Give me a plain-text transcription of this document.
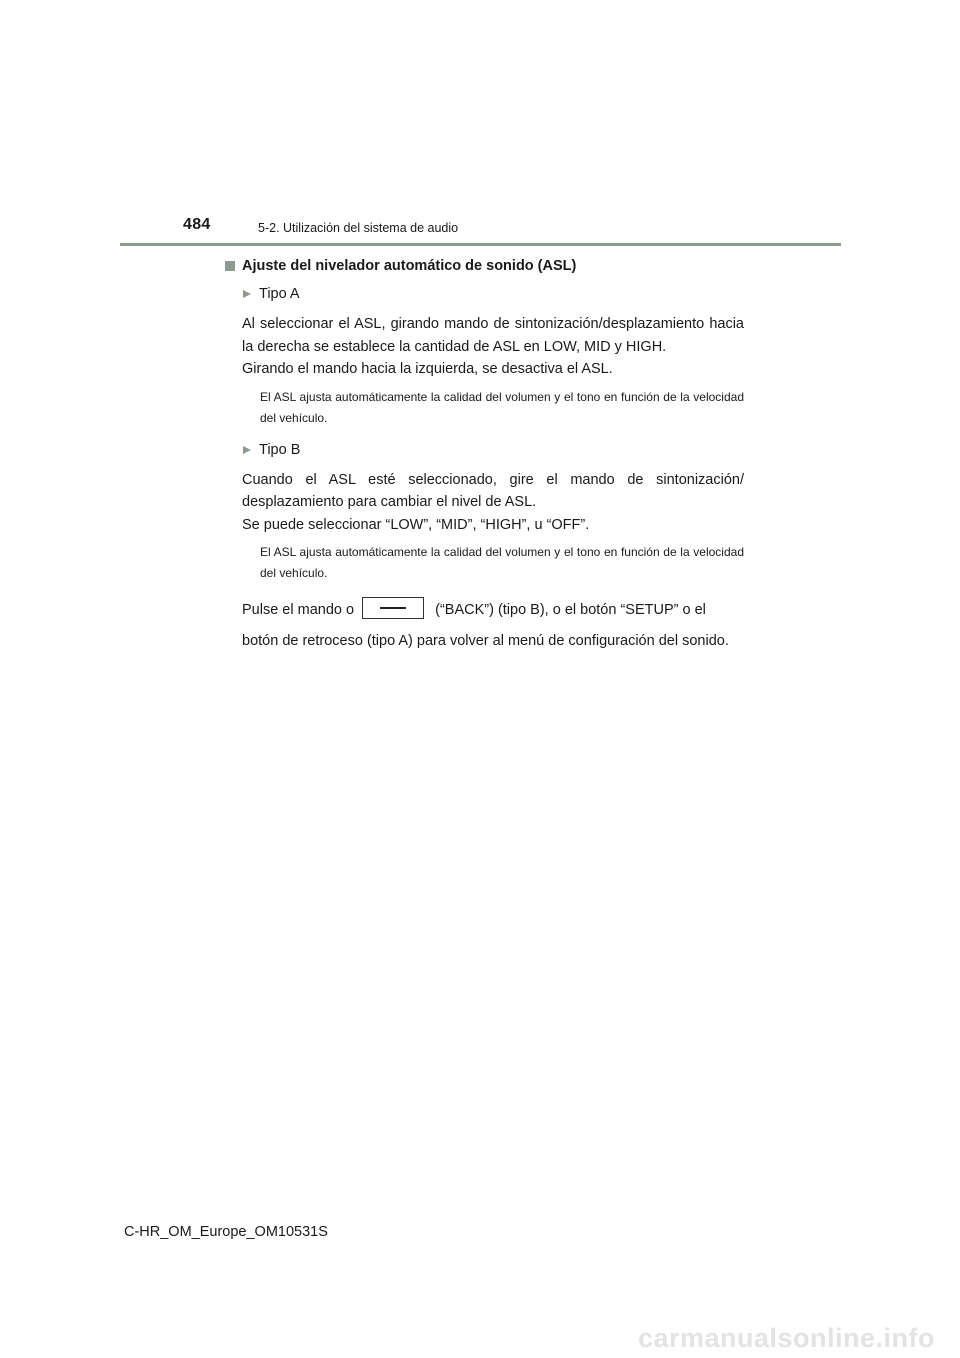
484	5-2. Utilización del sistema de audio
Ajuste del nivelador automático de sonido (ASL)
Tipo A
Al seleccionar el ASL, girando mando de sintonización/desplazamiento hacia la derecha se establece la cantidad de ASL en LOW, MID y HIGH.
Girando el mando hacia la izquierda, se desactiva el ASL.
El ASL ajusta automáticamente la calidad del volumen y el tono en función de la velocidad del vehículo.
Tipo B
Cuando el ASL esté seleccionado, gire el mando de sintonización/ desplazamiento para cambiar el nivel de ASL.
Se puede seleccionar “LOW”, “MID”, “HIGH”, u “OFF”.
El ASL ajusta automáticamente la calidad del volumen y el tono en función de la velocidad del vehículo.
Pulse el mando o	(“BACK”) (tipo B), o el botón “SETUP” o el botón de retroceso (tipo A) para volver al menú de configuración del sonido.
C-HR_OM_Europe_OM10531S
carmanualsonline.info
